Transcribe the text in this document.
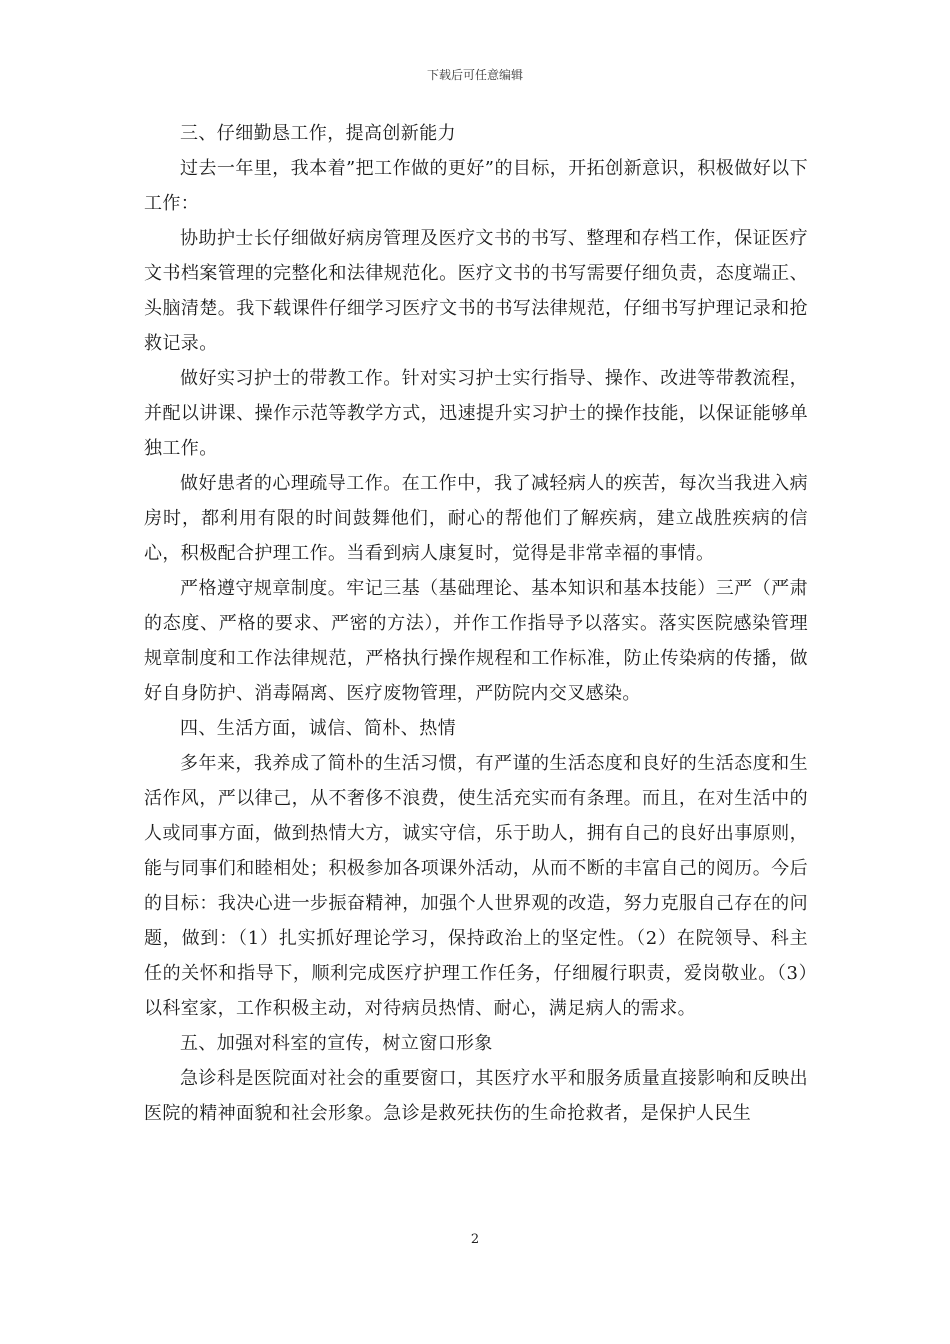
下载后可任意编辑

三、仔细勤恳工作，提高创新能力

过去一年里，我本着”把工作做的更好”的目标，开拓创新意识，积极做好以下工作：

协助护士长仔细做好病房管理及医疗文书的书写、整理和存档工作，保证医疗文书档案管理的完整化和法律规范化。医疗文书的书写需要仔细负责，态度端正、头脑清楚。我下载课件仔细学习医疗文书的书写法律规范，仔细书写护理记录和抢救记录。

做好实习护士的带教工作。针对实习护士实行指导、操作、改进等带教流程，并配以讲课、操作示范等教学方式，迅速提升实习护士的操作技能，以保证能够单独工作。

做好患者的心理疏导工作。在工作中，我了减轻病人的疾苦，每次当我进入病房时，都利用有限的时间鼓舞他们，耐心的帮他们了解疾病，建立战胜疾病的信心，积极配合护理工作。当看到病人康复时，觉得是非常幸福的事情。

严格遵守规章制度。牢记三基（基础理论、基本知识和基本技能）三严（严肃的态度、严格的要求、严密的方法），并作工作指导予以落实。落实医院感染管理规章制度和工作法律规范，严格执行操作规程和工作标准，防止传染病的传播，做好自身防护、消毒隔离、医疗废物管理，严防院内交叉感染。

四、生活方面，诚信、简朴、热情

多年来，我养成了简朴的生活习惯，有严谨的生活态度和良好的生活态度和生活作风，严以律己，从不奢侈不浪费，使生活充实而有条理。而且，在对生活中的人或同事方面，做到热情大方，诚实守信，乐于助人，拥有自己的良好出事原则，能与同事们和睦相处；积极参加各项课外活动，从而不断的丰富自己的阅历。今后的目标：我决心进一步振奋精神，加强个人世界观的改造，努力克服自己存在的问题，做到：（1）扎实抓好理论学习，保持政治上的坚定性。（2）在院领导、科主任的关怀和指导下，顺利完成医疗护理工作任务，仔细履行职责，爱岗敬业。（3）以科室家，工作积极主动，对待病员热情、耐心，满足病人的需求。

五、加强对科室的宣传，树立窗口形象

急诊科是医院面对社会的重要窗口，其医疗水平和服务质量直接影响和反映出医院的精神面貌和社会形象。急诊是救死扶伤的生命抢救者，是保护人民生

2
